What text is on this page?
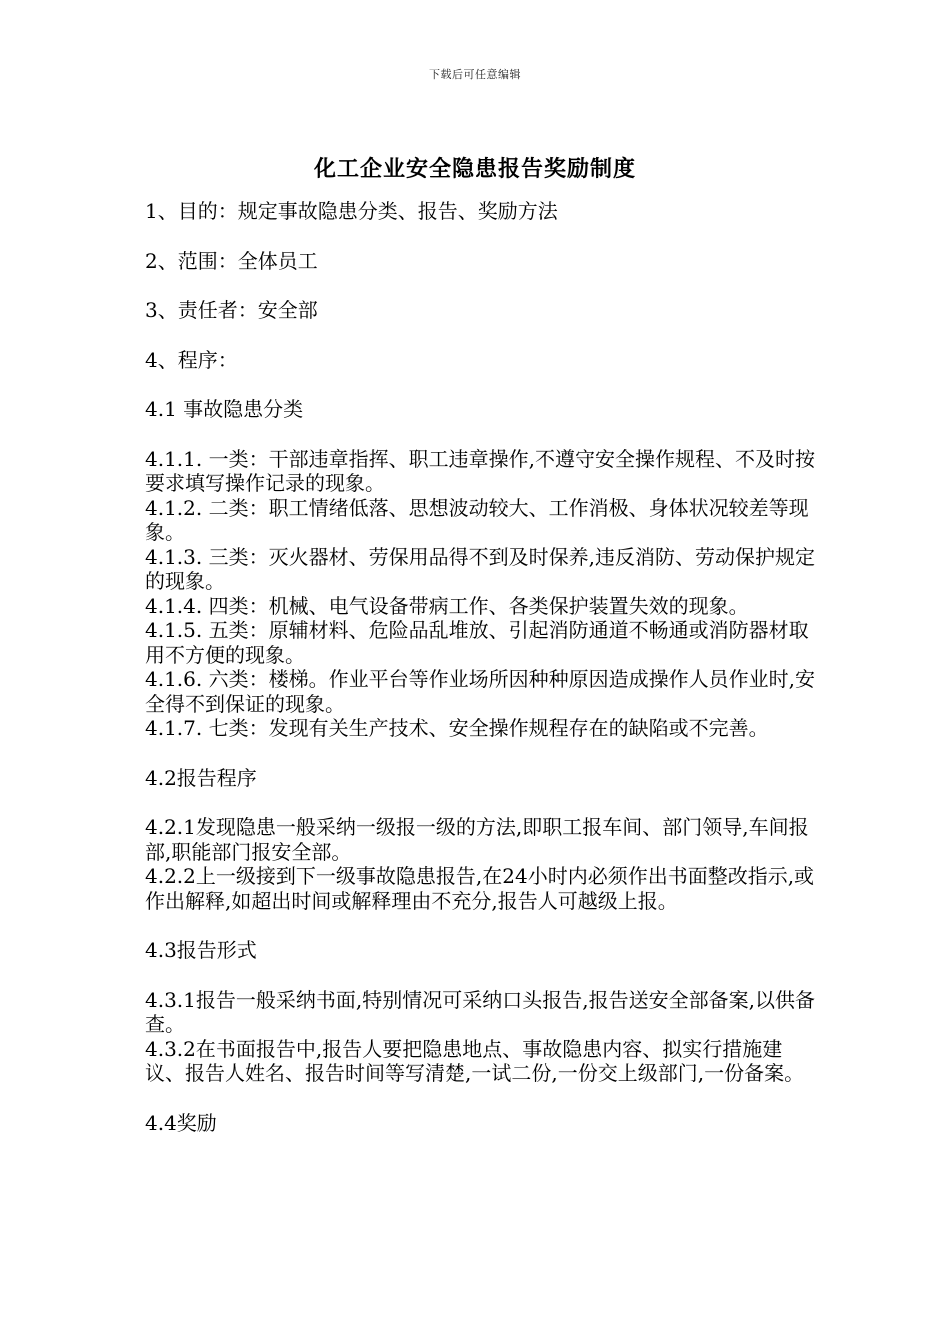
下载后可任意编辑
化工企业安全隐患报告奖励制度

1、目的：规定事故隐患分类、报告、奖励方法

2、范围：全体员工

3、责任者：安全部

4、程序：

4.1 事故隐患分类

4.1.1. 一类：干部违章指挥、职工违章操作,不遵守安全操作规程、不及时按要求填写操作记录的现象。

4.1.2. 二类：职工情绪低落、思想波动较大、工作消极、身体状况较差等现象。

4.1.3. 三类：灭火器材、劳保用品得不到及时保养,违反消防、劳动保护规定的现象。

4.1.4. 四类：机械、电气设备带病工作、各类保护装置失效的现象。

4.1.5. 五类：原辅材料、危险品乱堆放、引起消防通道不畅通或消防器材取用不方便的现象。

4.1.6. 六类：楼梯。作业平台等作业场所因种种原因造成操作人员作业时,安全得不到保证的现象。

4.1.7. 七类：发现有关生产技术、安全操作规程存在的缺陷或不完善。

4.2报告程序

4.2.1发现隐患一般采纳一级报一级的方法,即职工报车间、部门领导,车间报部,职能部门报安全部。

4.2.2上一级接到下一级事故隐患报告,在24小时内必须作出书面整改指示,或作出解释,如超出时间或解释理由不充分,报告人可越级上报。

4.3报告形式

4.3.1报告一般采纳书面,特别情况可采纳口头报告,报告送安全部备案,以供备查。

4.3.2在书面报告中,报告人要把隐患地点、事故隐患内容、拟实行措施建议、报告人姓名、报告时间等写清楚,一试二份,一份交上级部门,一份备案。

4.4奖励
